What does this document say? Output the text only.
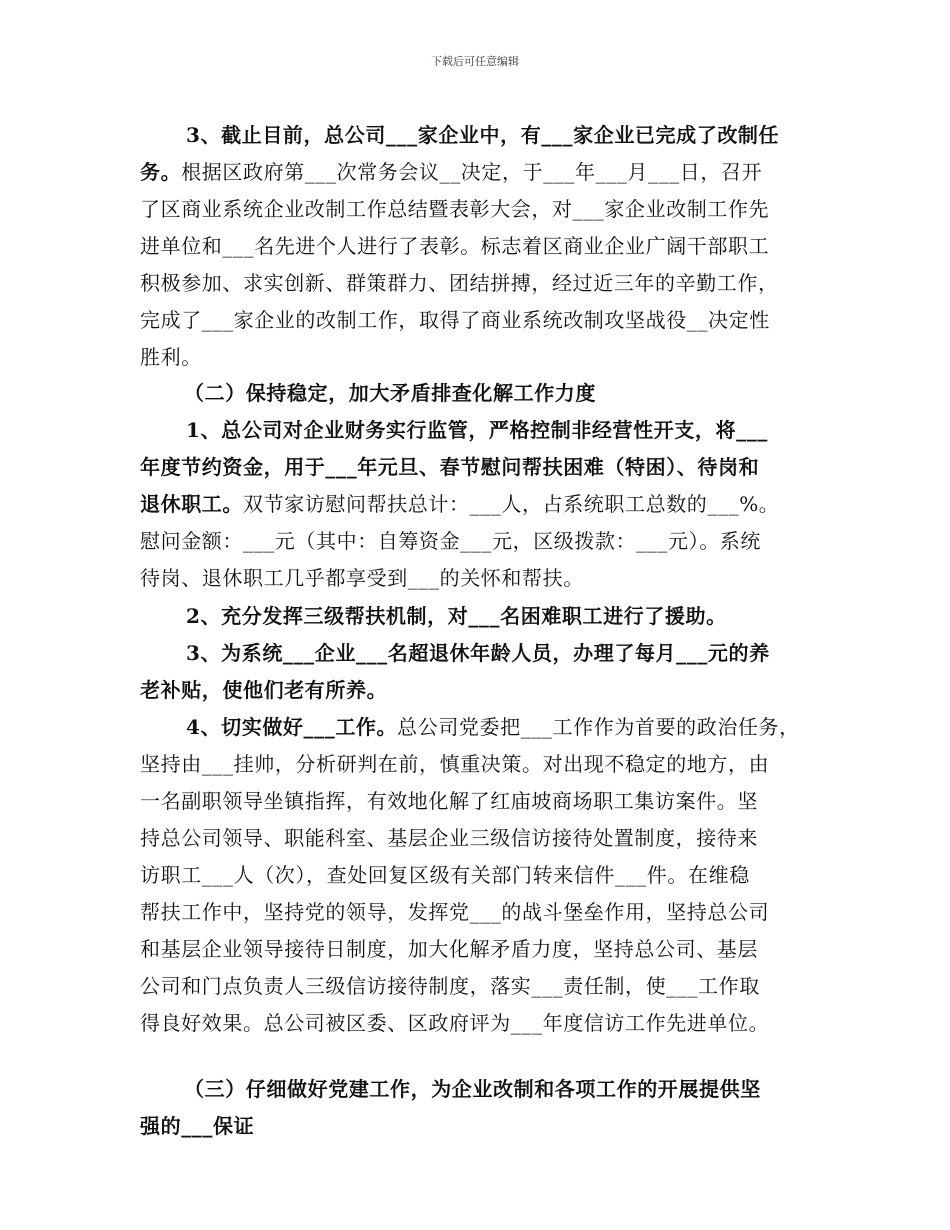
下载后可任意编辑
3、截止目前，总公司___家企业中，有___家企业已完成了改制任
务。根据区政府第___次常务会议__决定，于___年___月___日，召开
了区商业系统企业改制工作总结暨表彰大会，对___家企业改制工作先
进单位和___名先进个人进行了表彰。标志着区商业企业广阔干部职工
积极参加、求实创新、群策群力、团结拼搏，经过近三年的辛勤工作，
完成了___家企业的改制工作，取得了商业系统改制攻坚战役__决定性
胜利。
（二）保持稳定，加大矛盾排查化解工作力度
1、总公司对企业财务实行监管，严格控制非经营性开支，将___
年度节约资金，用于___年元旦、春节慰问帮扶困难（特困）、待岗和
退休职工。双节家访慰问帮扶总计：___人，占系统职工总数的___%。
慰问金额：___元（其中：自筹资金___元，区级拨款：___元）。系统
待岗、退休职工几乎都享受到___的关怀和帮扶。
2、充分发挥三级帮扶机制，对___名困难职工进行了援助。
3、为系统___企业___名超退休年龄人员，办理了每月___元的养
老补贴，使他们老有所养。
4、切实做好___工作。总公司党委把___工作作为首要的政治任务，
坚持由___挂帅，分析研判在前，慎重决策。对出现不稳定的地方，由
一名副职领导坐镇指挥，有效地化解了红庙坡商场职工集访案件。坚
持总公司领导、职能科室、基层企业三级信访接待处置制度，接待来
访职工___人（次），查处回复区级有关部门转来信件___件。在维稳
帮扶工作中，坚持党的领导，发挥党___的战斗堡垒作用，坚持总公司
和基层企业领导接待日制度，加大化解矛盾力度，坚持总公司、基层
公司和门点负责人三级信访接待制度，落实___责任制，使___工作取
得良好效果。总公司被区委、区政府评为___年度信访工作先进单位。
（三）仔细做好党建工作，为企业改制和各项工作的开展提供坚
强的___保证
